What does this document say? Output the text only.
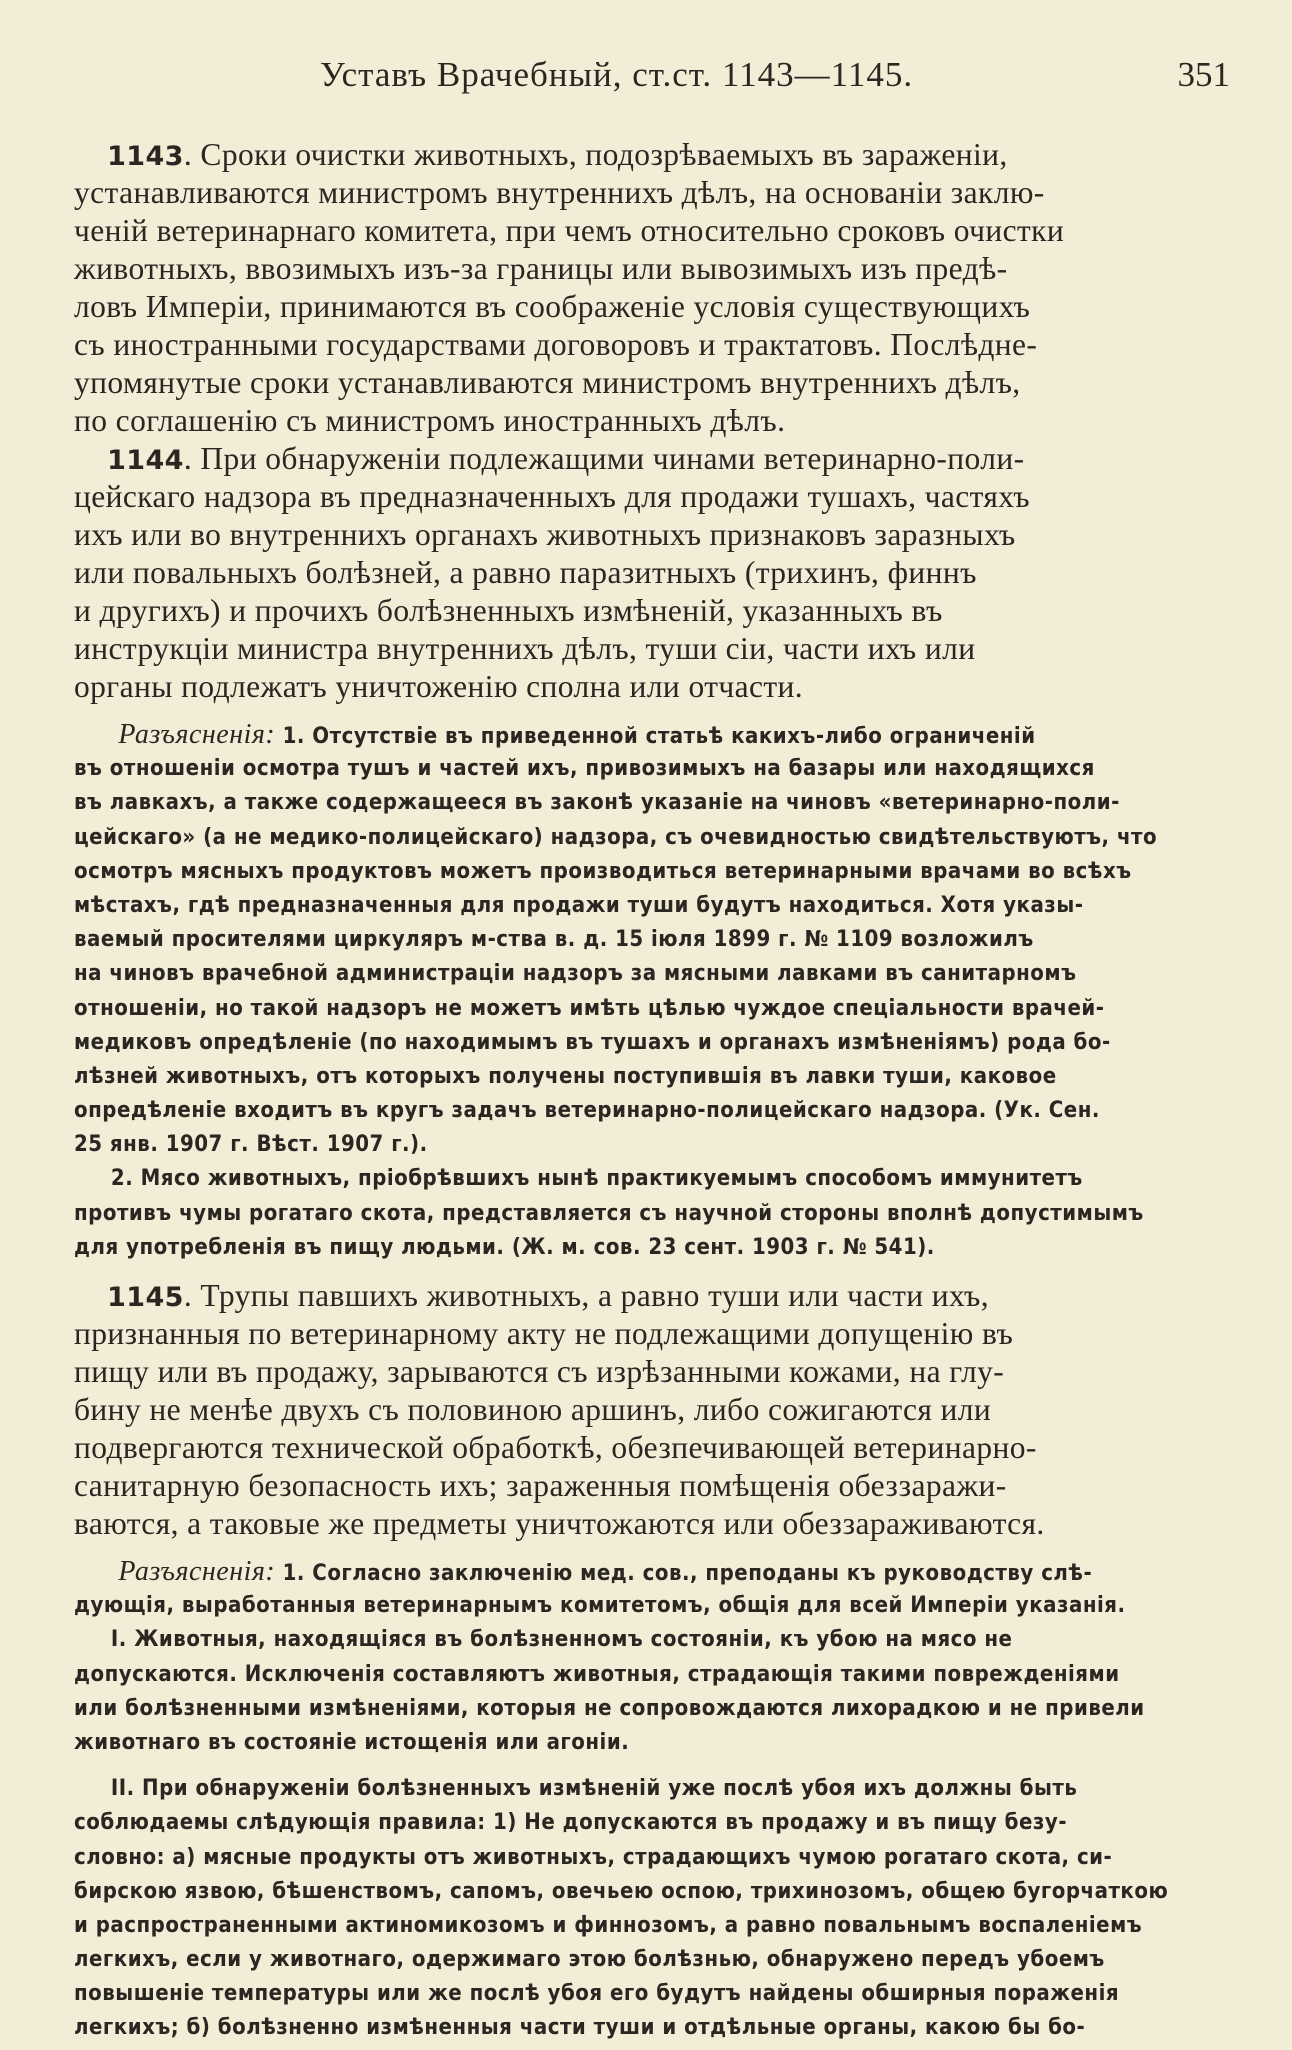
Уставъ Врачебный, ст.ст. 1143—1145.	351
1143. Сроки очистки животныхъ, подозрѣваемыхъ въ зараженіи,
устанавливаются министромъ внутреннихъ дѣлъ, на основаніи заклю-
ченій ветеринарнаго комитета, при чемъ относительно сроковъ очистки
животныхъ, ввозимыхъ изъ-за границы или вывозимыхъ изъ предѣ-
ловъ Имперіи, принимаются въ соображеніе условія существующихъ
съ иностранными государствами договоровъ и трактатовъ. Послѣдне-
упомянутые сроки устанавливаются министромъ внутреннихъ дѣлъ,
по соглашенію съ министромъ иностранныхъ дѣлъ.
1144. При обнаруженіи подлежащими чинами ветеринарно-поли-
цейскаго надзора въ предназначенныхъ для продажи тушахъ, частяхъ
ихъ или во внутреннихъ органахъ животныхъ признаковъ заразныхъ
или повальныхъ болѣзней, а равно паразитныхъ (трихинъ, финнъ
и другихъ) и прочихъ болѣзненныхъ измѣненій, указанныхъ въ
инструкціи министра внутреннихъ дѣлъ, туши сіи, части ихъ или
органы подлежатъ уничтоженію сполна или отчасти.
Разъясненія: 1. Отсутствіе въ приведенной статьѣ какихъ-либо ограниченій
въ отношеніи осмотра тушъ и частей ихъ, привозимыхъ на базары или находящихся
въ лавкахъ, а также содержащееся въ законѣ указаніе на чиновъ «ветеринарно-поли-
цейскаго» (а не медико-полицейскаго) надзора, съ очевидностью свидѣтельствуютъ, что
осмотръ мясныхъ продуктовъ можетъ производиться ветеринарными врачами во всѣхъ
мѣстахъ, гдѣ предназначенныя для продажи туши будутъ находиться. Хотя указы-
ваемый просителями циркуляръ м-ства в. д. 15 іюля 1899 г. № 1109 возложилъ
на чиновъ врачебной администраціи надзоръ за мясными лавками въ санитарномъ
отношеніи, но такой надзоръ не можетъ имѣть цѣлью чуждое спеціальности врачей-
медиковъ опредѣленіе (по находимымъ въ тушахъ и органахъ измѣненіямъ) рода бо-
лѣзней животныхъ, отъ которыхъ получены поступившія въ лавки туши, каковое
опредѣленіе входитъ въ кругъ задачъ ветеринарно-полицейскаго надзора. (Ук. Сен.
25 янв. 1907 г. Вѣст. 1907 г.).
2. Мясо животныхъ, пріобрѣвшихъ нынѣ практикуемымъ способомъ иммунитетъ
противъ чумы рогатаго скота, представляется съ научной стороны вполнѣ допустимымъ
для употребленія въ пищу людьми. (Ж. м. сов. 23 сент. 1903 г. № 541).
1145. Трупы павшихъ животныхъ, а равно туши или части ихъ,
признанныя по ветеринарному акту не подлежащими допущенію въ
пищу или въ продажу, зарываются съ изрѣзанными кожами, на глу-
бину не менѣе двухъ съ половиною аршинъ, либо сожигаются или
подвергаются технической обработкѣ, обезпечивающей ветеринарно-
санитарную безопасность ихъ; зараженныя помѣщенія обеззаражи-
ваются, а таковые же предметы уничтожаются или обеззараживаются.
Разъясненія: 1. Согласно заключенію мед. сов., преподаны къ руководству слѣ-
дующія, выработанныя ветеринарнымъ комитетомъ, общія для всей Имперіи указанія.
I. Животныя, находящіяся въ болѣзненномъ состояніи, къ убою на мясо не
допускаются. Исключенія составляютъ животныя, страдающія такими поврежденіями
или болѣзненными измѣненіями, которыя не сопровождаются лихорадкою и не привели
животнаго въ состояніе истощенія или агоніи.
II. При обнаруженіи болѣзненныхъ измѣненій уже послѣ убоя ихъ должны быть
соблюдаемы слѣдующія правила: 1) Не допускаются въ продажу и въ пищу безу-
словно: а) мясные продукты отъ животныхъ, страдающихъ чумою рогатаго скота, си-
бирскою язвою, бѣшенствомъ, сапомъ, овечьею оспою, трихинозомъ, общею бугорчаткою
и распространенными актиномикозомъ и финнозомъ, а равно повальнымъ воспаленіемъ
легкихъ, если у животнаго, одержимаго этою болѣзнью, обнаружено передъ убоемъ
повышеніе температуры или же послѣ убоя его будутъ найдены обширныя пораженія
легкихъ; б) болѣзненно измѣненныя части туши и отдѣльные органы, какою бы бо-
